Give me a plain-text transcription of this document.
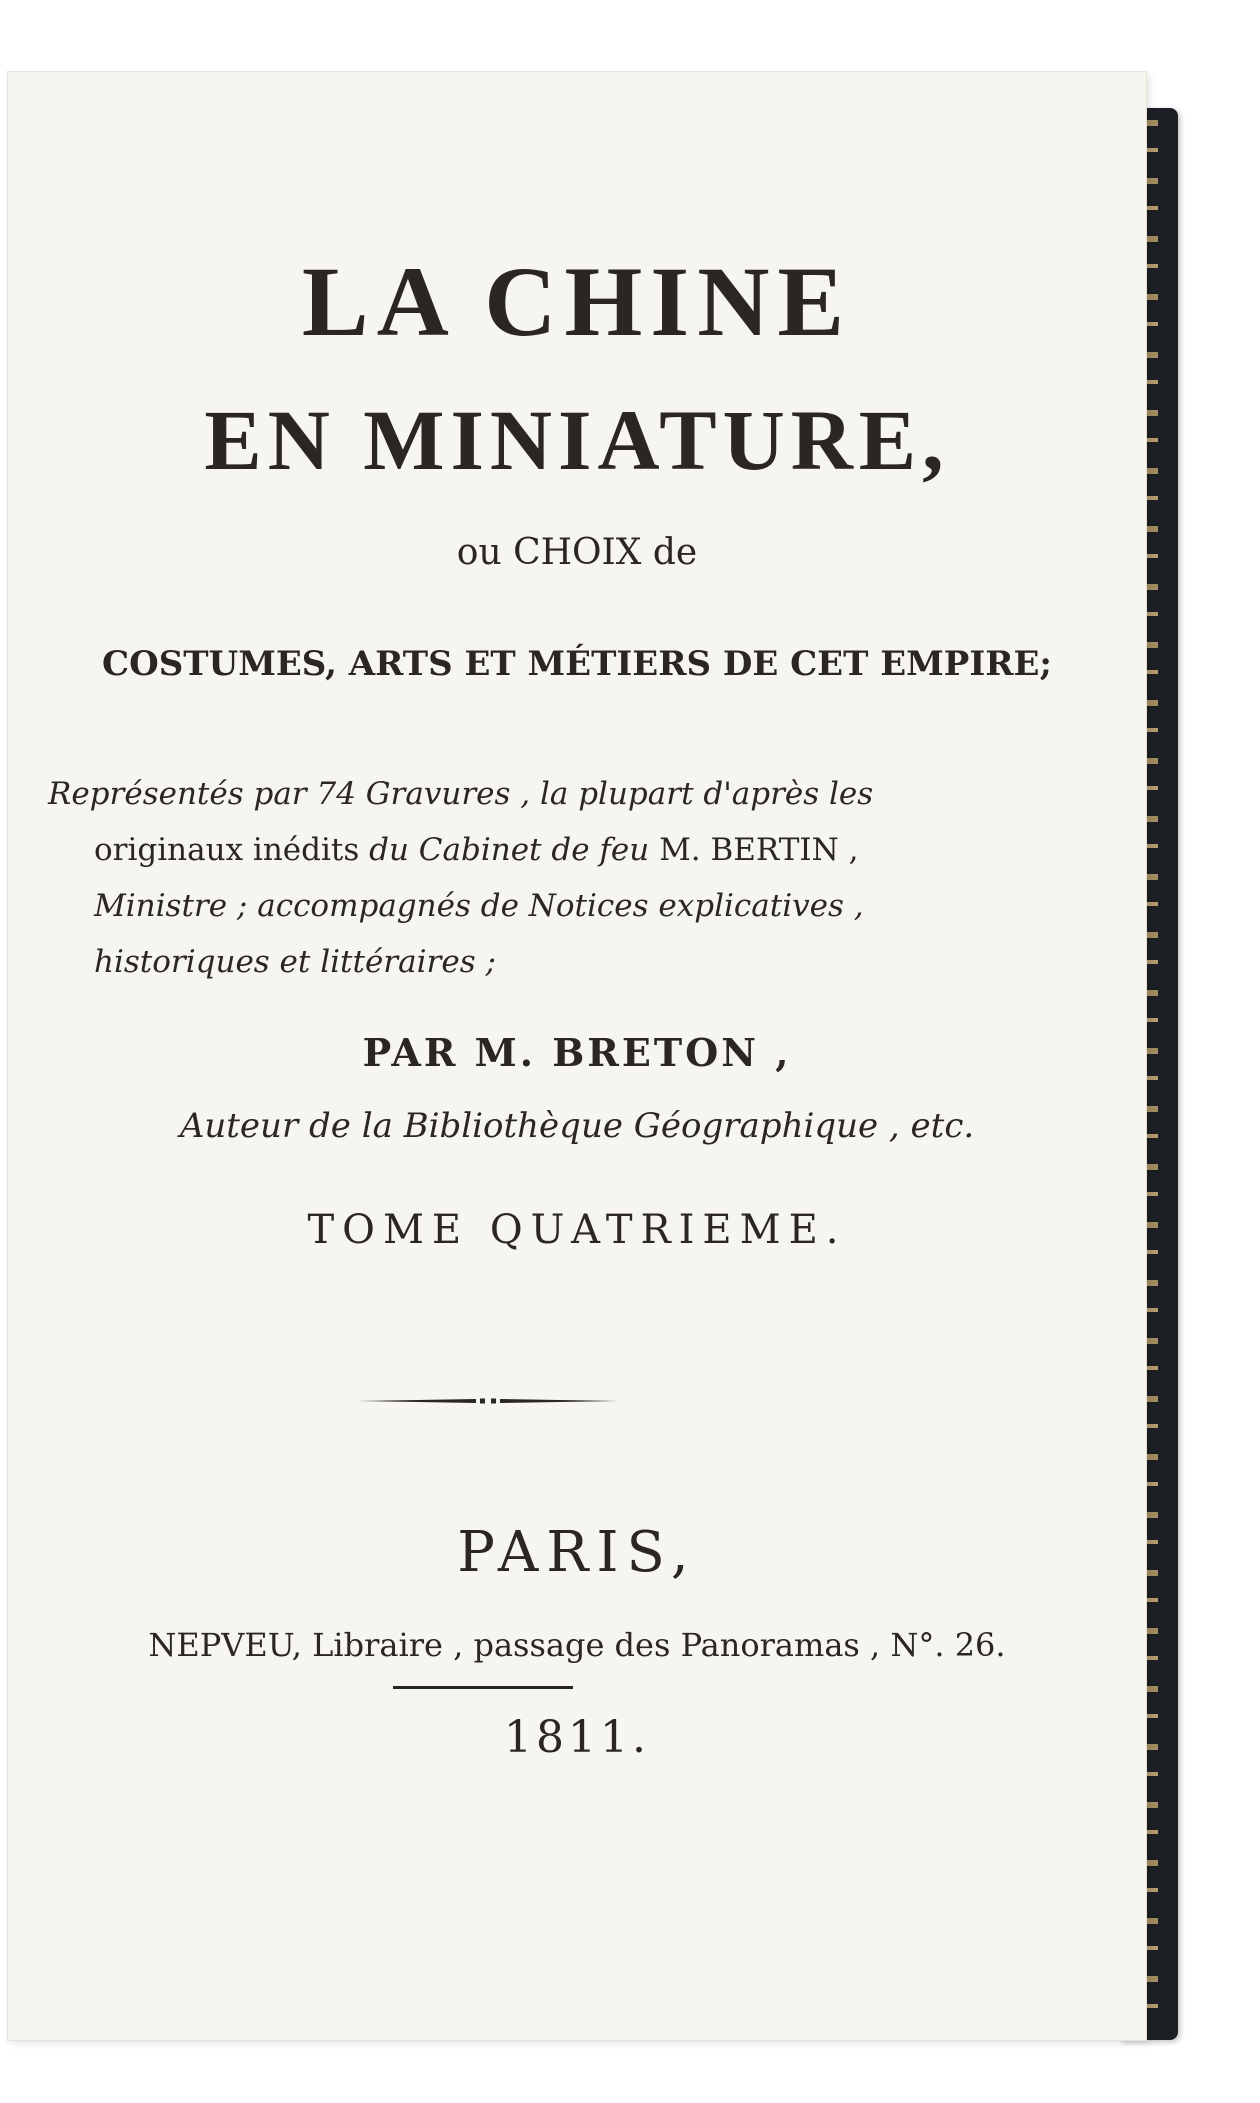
LA CHINE
EN MINIATURE,
ou CHOIX de
COSTUMES, ARTS ET MÉTIERS DE CET EMPIRE;
Représentés par 74 Gravures , la plupart d'après les
originaux inédits du Cabinet de feu M. BERTIN ,
Ministre ; accompagnés de Notices explicatives ,
historiques et littéraires ;
PAR M. BRETON ,
Auteur de la Bibliothèque Géographique , etc.
TOME QUATRIEME.
PARIS,
NEPVEU, Libraire , passage des Panoramas , N°. 26.
1811.
